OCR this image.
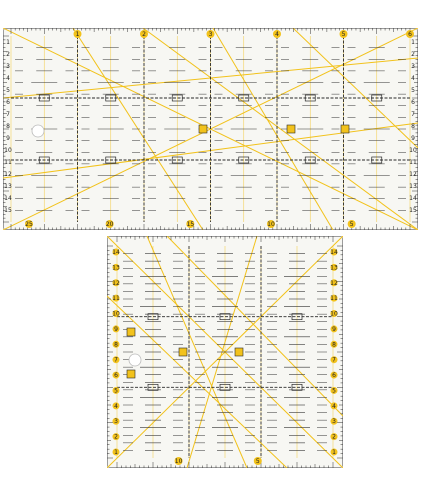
1	2	3	4	5	6
1	1
2	2
3	3
4	4
5	5
6	6
7	7
8	8
9	9
10	10
11	11
12	12
13	13
14	14
15	15
25	20	15	10	5
1	1
2	2
3	3
4	4
5	5
6	6
7	7
8	8
9	9
10	10
11	11
12	12
13	13
14	14
10	5
